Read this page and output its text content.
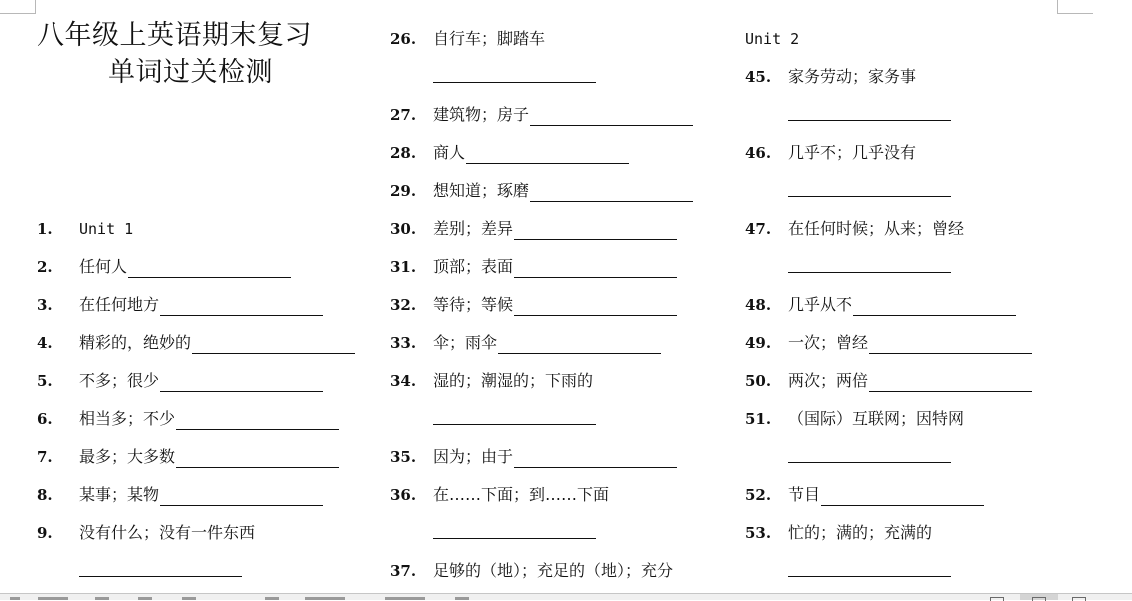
八年级上英语期末复习
单词过关检测
Unit 2
1. Unit 1
2. 任何人
3. 在任何地方
4. 精彩的，绝妙的
5. 不多；很少
6. 相当多；不少
7. 最多；大多数
8. 某事；某物
9. 没有什么；没有一件东西
26. 自行车；脚踏车
27. 建筑物；房子
28. 商人
29. 想知道；琢磨
30. 差别；差异
31. 顶部；表面
32. 等待；等候
33. 伞；雨伞
34. 湿的；潮湿的；下雨的
35. 因为；由于
36. 在……下面；到……下面
37. 足够的（地）；充足的（地）；充分
45. 家务劳动；家务事
46. 几乎不；几乎没有
47. 在任何时候；从来；曾经
48. 几乎从不
49. 一次；曾经
50. 两次；两倍
51. （国际）互联网；因特网
52. 节目
53. 忙的；满的；充满的
